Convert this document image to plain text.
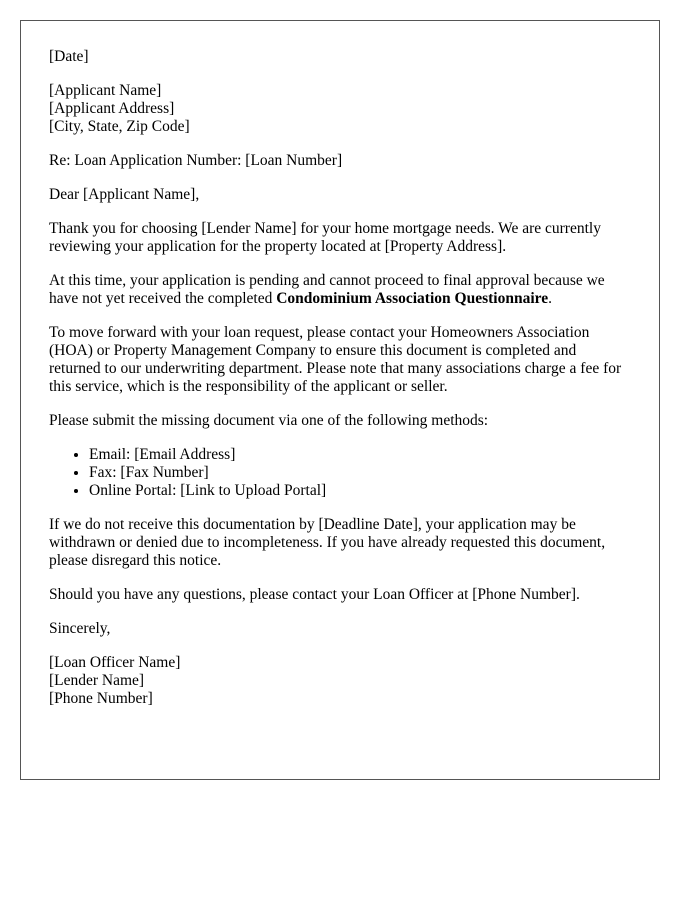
[Date]

[Applicant Name]
[Applicant Address]
[City, State, Zip Code]

Re: Loan Application Number: [Loan Number]

Dear [Applicant Name],

Thank you for choosing [Lender Name] for your home mortgage needs. We are currently reviewing your application for the property located at [Property Address].

At this time, your application is pending and cannot proceed to final approval because we have not yet received the completed Condominium Association Questionnaire.

To move forward with your loan request, please contact your Homeowners Association (HOA) or Property Management Company to ensure this document is completed and returned to our underwriting department. Please note that many associations charge a fee for this service, which is the responsibility of the applicant or seller.

Please submit the missing document via one of the following methods:

• Email: [Email Address]
• Fax: [Fax Number]
• Online Portal: [Link to Upload Portal]

If we do not receive this documentation by [Deadline Date], your application may be withdrawn or denied due to incompleteness. If you have already requested this document, please disregard this notice.

Should you have any questions, please contact your Loan Officer at [Phone Number].

Sincerely,

[Loan Officer Name]
[Lender Name]
[Phone Number]
